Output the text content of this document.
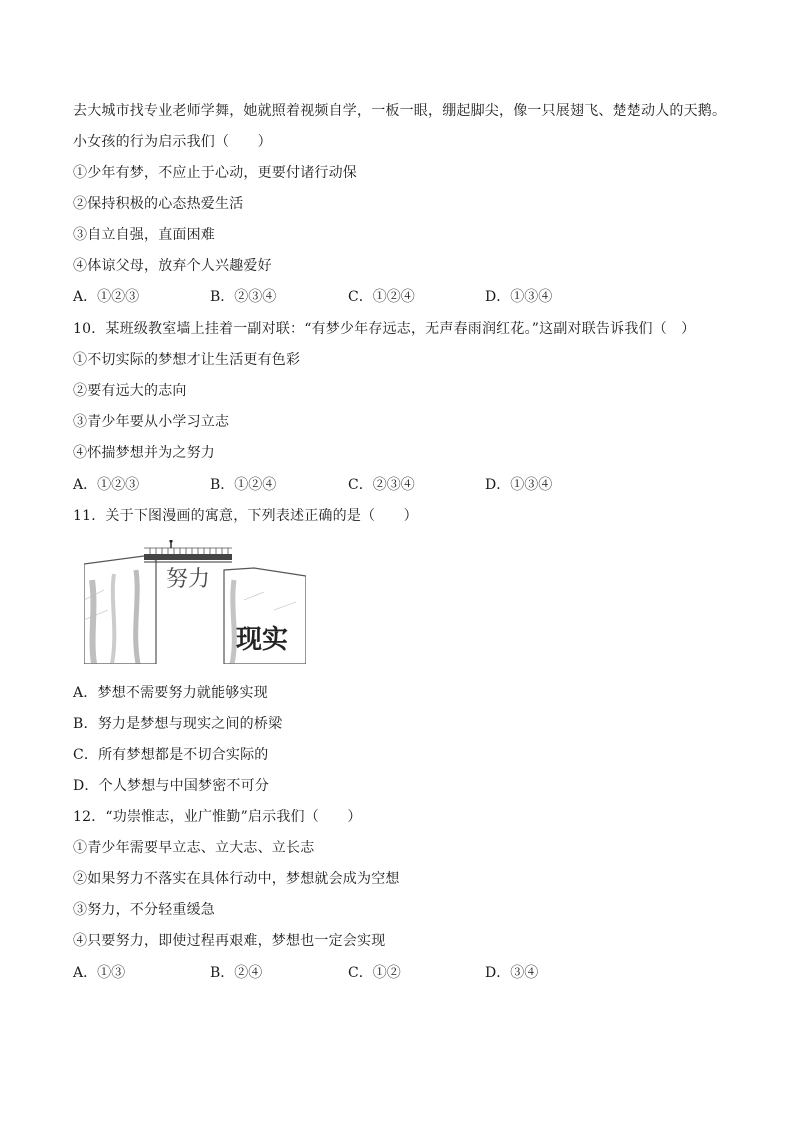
去大城市找专业老师学舞，她就照着视频自学，一板一眼，绷起脚尖，像一只展翅飞、楚楚动人的天鹅。
小女孩的行为启示我们（　　）
①少年有梦，不应止于心动，更要付诸行动保
②保持积极的心态热爱生活
③自立自强，直面困难
④体谅父母，放弃个人兴趣爱好
A．①②③	B．②③④	C．①②④	D．①③④
10．某班级教室墙上挂着一副对联：“有梦少年存远志，无声春雨润红花。”这副对联告诉我们（　）
①不切实际的梦想才让生活更有色彩
②要有远大的志向
③青少年要从小学习立志
④怀揣梦想并为之努力
A．①②③	B．①②④	C．②③④	D．①③④
11．关于下图漫画的寓意，下列表述正确的是（　　）
努力
现实
A．梦想不需要努力就能够实现
B．努力是梦想与现实之间的桥梁
C．所有梦想都是不切合实际的
D．个人梦想与中国梦密不可分
12．“功崇惟志，业广惟勤”启示我们（　　）
①青少年需要早立志、立大志、立长志
②如果努力不落实在具体行动中，梦想就会成为空想
③努力，不分轻重缓急
④只要努力，即使过程再艰难，梦想也一定会实现
A．①③	B．②④	C．①②	D．③④
